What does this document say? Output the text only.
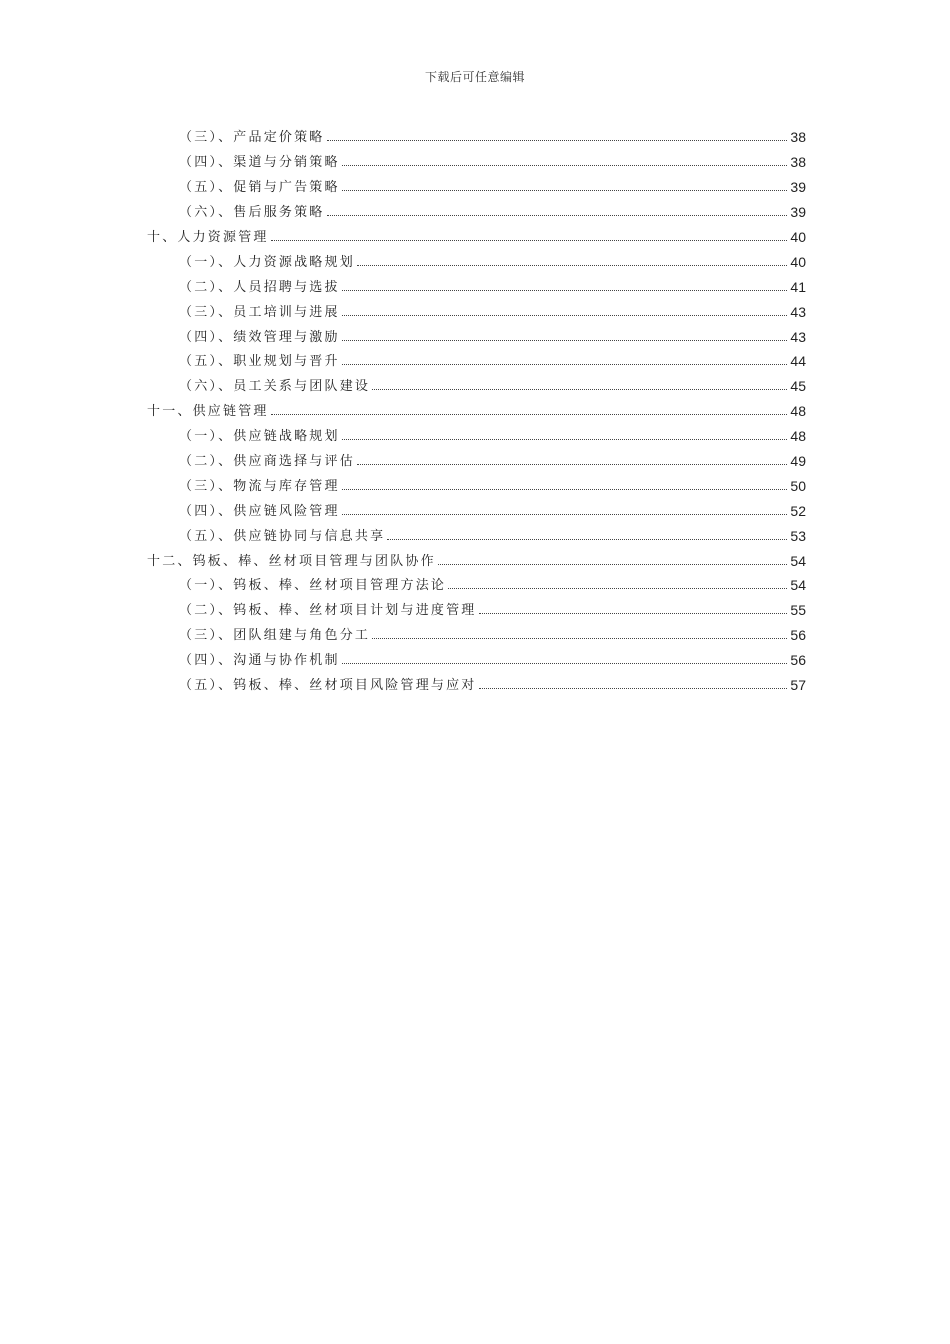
下载后可任意编辑
（三）、产品定价策略	38
（四）、渠道与分销策略	38
（五）、促销与广告策略	39
（六）、售后服务策略	39
十、人力资源管理	40
（一）、人力资源战略规划	40
（二）、人员招聘与选拔	41
（三）、员工培训与进展	43
（四）、绩效管理与激励	43
（五）、职业规划与晋升	44
（六）、员工关系与团队建设	45
十一、供应链管理	48
（一）、供应链战略规划	48
（二）、供应商选择与评估	49
（三）、物流与库存管理	50
（四）、供应链风险管理	52
（五）、供应链协同与信息共享	53
十二、钨板、棒、丝材项目管理与团队协作	54
（一）、钨板、棒、丝材项目管理方法论	54
（二）、钨板、棒、丝材项目计划与进度管理	55
（三）、团队组建与角色分工	56
（四）、沟通与协作机制	56
（五）、钨板、棒、丝材项目风险管理与应对	57
